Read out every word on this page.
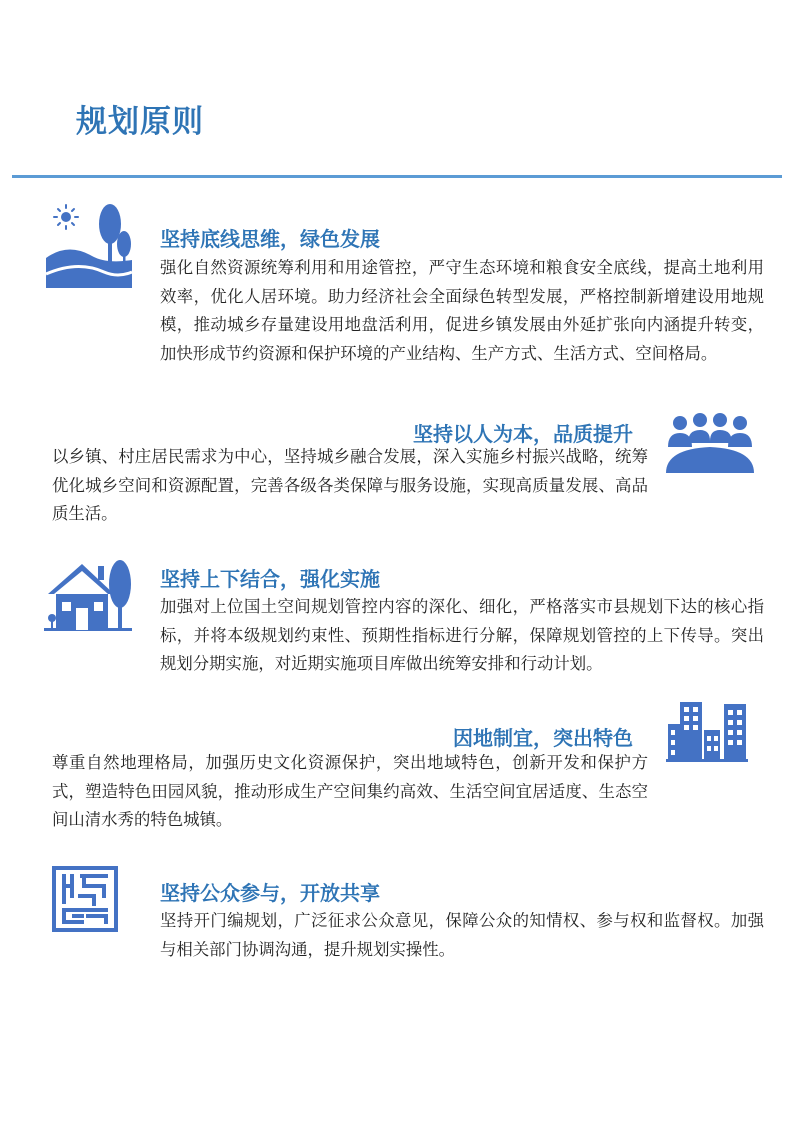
规划原则
坚持底线思维，绿色发展
强化自然资源统筹利用和用途管控，严守生态环境和粮食安全底线，提高土地利用效率，优化人居环境。助力经济社会全面绿色转型发展，严格控制新增建设用地规模，推动城乡存量建设用地盘活利用，促进乡镇发展由外延扩张向内涵提升转变，加快形成节约资源和保护环境的产业结构、生产方式、生活方式、空间格局。
坚持以人为本，品质提升
以乡镇、村庄居民需求为中心，坚持城乡融合发展，深入实施乡村振兴战略，统筹优化城乡空间和资源配置，完善各级各类保障与服务设施，实现高质量发展、高品质生活。
坚持上下结合，强化实施
加强对上位国土空间规划管控内容的深化、细化，严格落实市县规划下达的核心指标，并将本级规划约束性、预期性指标进行分解，保障规划管控的上下传导。突出规划分期实施，对近期实施项目库做出统筹安排和行动计划。
因地制宜，突出特色
尊重自然地理格局，加强历史文化资源保护，突出地域特色，创新开发和保护方式，塑造特色田园风貌，推动形成生产空间集约高效、生活空间宜居适度、生态空间山清水秀的特色城镇。
坚持公众参与，开放共享
坚持开门编规划，广泛征求公众意见，保障公众的知情权、参与权和监督权。加强与相关部门协调沟通，提升规划实操性。
